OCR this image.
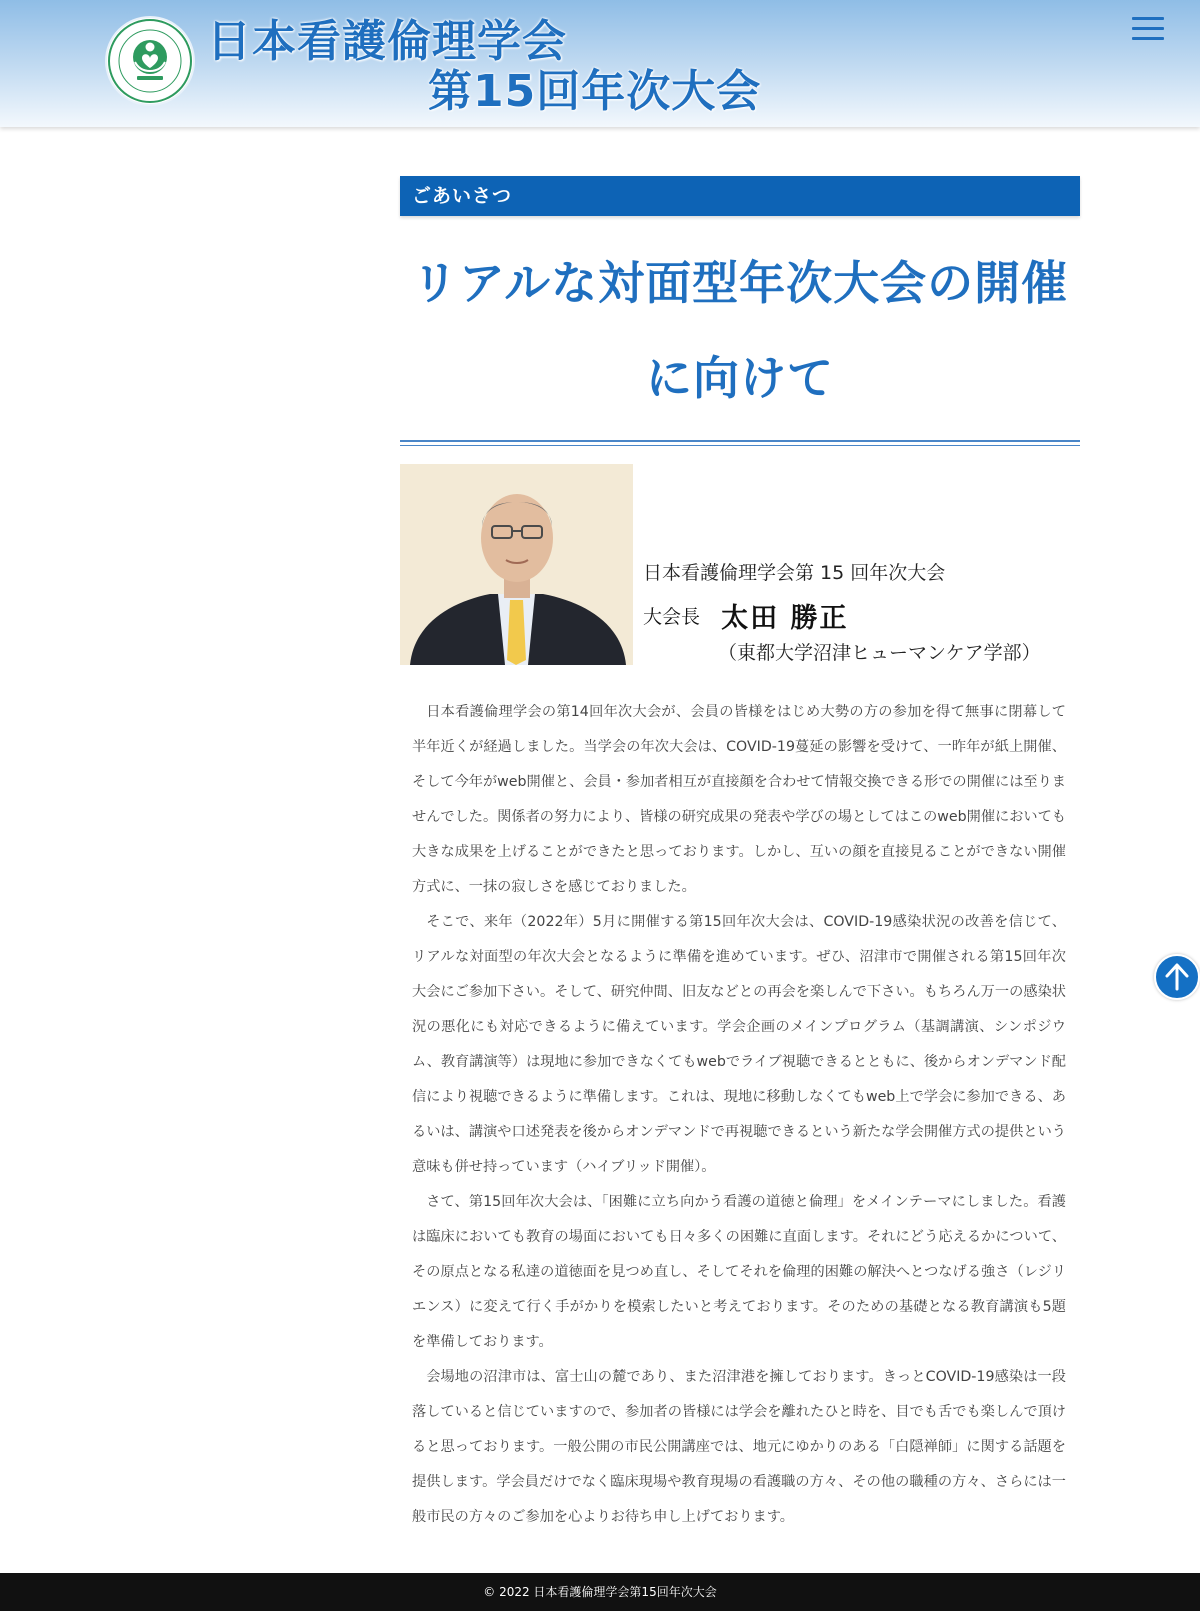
日本看護倫理学会
第15回年次大会
ごあいさつ
リアルな対面型年次大会の開催に向けて
日本看護倫理学会第 15 回年次大会
大会長 太田 勝正
（東都大学沼津ヒューマンケア学部）

日本看護倫理学会の第14回年次大会が、会員の皆様をはじめ大勢の方の参加を得て無事に閉幕して半年近くが経過しました。当学会の年次大会は、COVID-19蔓延の影響を受けて、一昨年が紙上開催、そして今年がweb開催と、会員・参加者相互が直接顔を合わせて情報交換できる形での開催には至りませんでした。関係者の努力により、皆様の研究成果の発表や学びの場としてはこのweb開催においても大きな成果を上げることができたと思っております。しかし、互いの顔を直接見ることができない開催方式に、一抹の寂しさを感じておりました。

そこで、来年（2022年）5月に開催する第15回年次大会は、COVID-19感染状況の改善を信じて、リアルな対面型の年次大会となるように準備を進めています。ぜひ、沼津市で開催される第15回年次大会にご参加下さい。そして、研究仲間、旧友などとの再会を楽しんで下さい。もちろん万一の感染状況の悪化にも対応できるように備えています。学会企画のメインプログラム（基調講演、シンポジウム、教育講演等）は現地に参加できなくてもwebでライブ視聴できるとともに、後からオンデマンド配信により視聴できるように準備します。これは、現地に移動しなくてもweb上で学会に参加できる、あるいは、講演や口述発表を後からオンデマンドで再視聴できるという新たな学会開催方式の提供という意味も併せ持っています（ハイブリッド開催）。

さて、第15回年次大会は、「困難に立ち向かう看護の道徳と倫理」をメインテーマにしました。看護は臨床においても教育の場面においても日々多くの困難に直面します。それにどう応えるかについて、その原点となる私達の道徳面を見つめ直し、そしてそれを倫理的困難の解決へとつなげる強さ（レジリエンス）に変えて行く手がかりを模索したいと考えております。そのための基礎となる教育講演も5題を準備しております。

会場地の沼津市は、富士山の麓であり、また沼津港を擁しております。きっとCOVID-19感染は一段落していると信じていますので、参加者の皆様には学会を離れたひと時を、目でも舌でも楽しんで頂けると思っております。一般公開の市民公開講座では、地元にゆかりのある「白隠禅師」に関する話題を提供します。学会員だけでなく臨床現場や教育現場の看護職の方々、その他の職種の方々、さらには一般市民の方々のご参加を心よりお待ち申し上げております。

© 2022 日本看護倫理学会第15回年次大会
